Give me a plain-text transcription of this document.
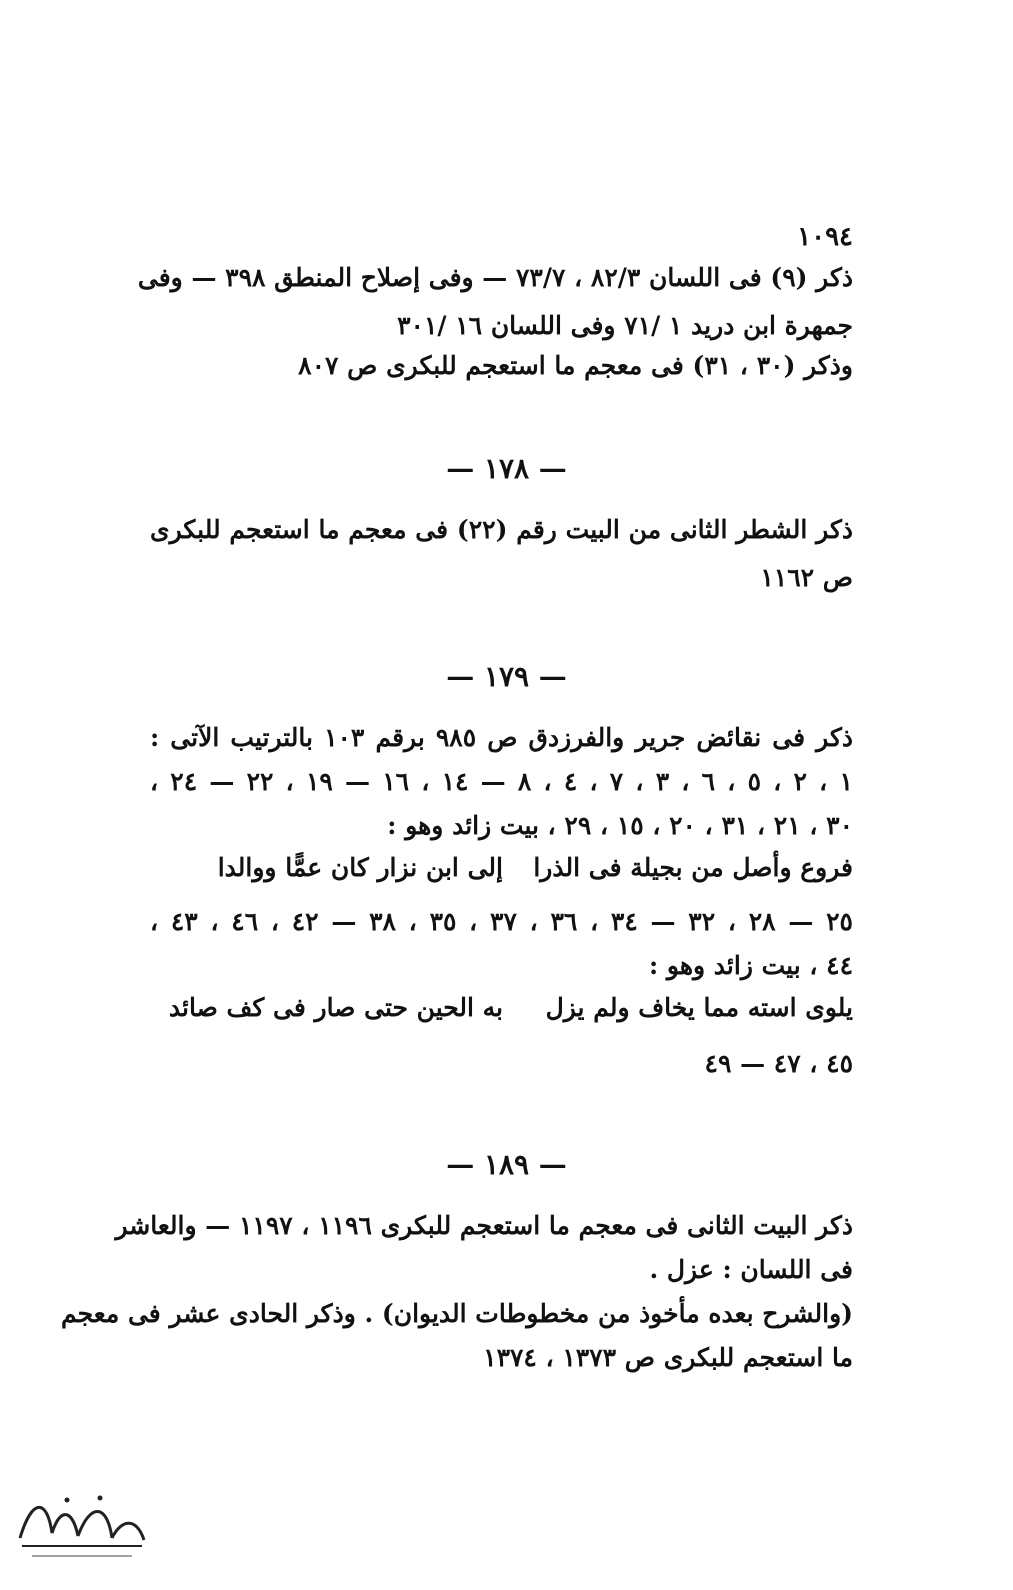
١٠٩٤
ذكر (٩) فى اللسان ٨٢/٣ ، ٧٣/٧ — وفى إصلاح المنطق ٣٩٨ — وفى
جمهرة ابن دريد ١ /٧١ وفى اللسان ١٦ /٣٠١
وذكر (٣٠ ، ٣١) فى معجم ما استعجم للبكرى ص ٨٠٧
— ١٧٨ —
ذكر الشطر الثانى من البيت رقم (٢٢) فى معجم ما استعجم للبكرى
ص ١١٦٢
— ١٧٩ —
ذكر فى نقائض جرير والفرزدق ص ٩٨٥ برقم ١٠٣ بالترتيب الآتى :
١ ، ٢ ، ٥ ، ٦ ، ٣ ، ٧ ، ٤ ، ٨ — ١٤ ، ١٦ — ١٩ ، ٢٢ — ٢٤ ،
٣٠ ، ٢١ ، ٣١ ، ٢٠ ، ١٥ ، ٢٩ ، بيت زائد وهو :
فروع وأصل من بجيلة فى الذرا
إلى ابن نزار كان عمًّا ووالدا
٢٥ — ٢٨ ، ٣٢ — ٣٤ ، ٣٦ ، ٣٧ ، ٣٥ ، ٣٨ — ٤٢ ، ٤٦ ، ٤٣ ،
٤٤ ، بيت زائد وهو :
يلوى استه مما يخاف ولم يزل
به الحين حتى صار فى كف صائد
٤٥ ، ٤٧ — ٤٩
— ١٨٩ —
ذكر البيت الثانى فى معجم ما استعجم للبكرى ١١٩٦ ، ١١٩٧ — والعاشر
فى اللسان : عزل .
(والشرح بعده مأخوذ من مخطوطات الديوان) . وذكر الحادى عشر فى معجم
ما استعجم للبكرى ص ١٣٧٣ ، ١٣٧٤
